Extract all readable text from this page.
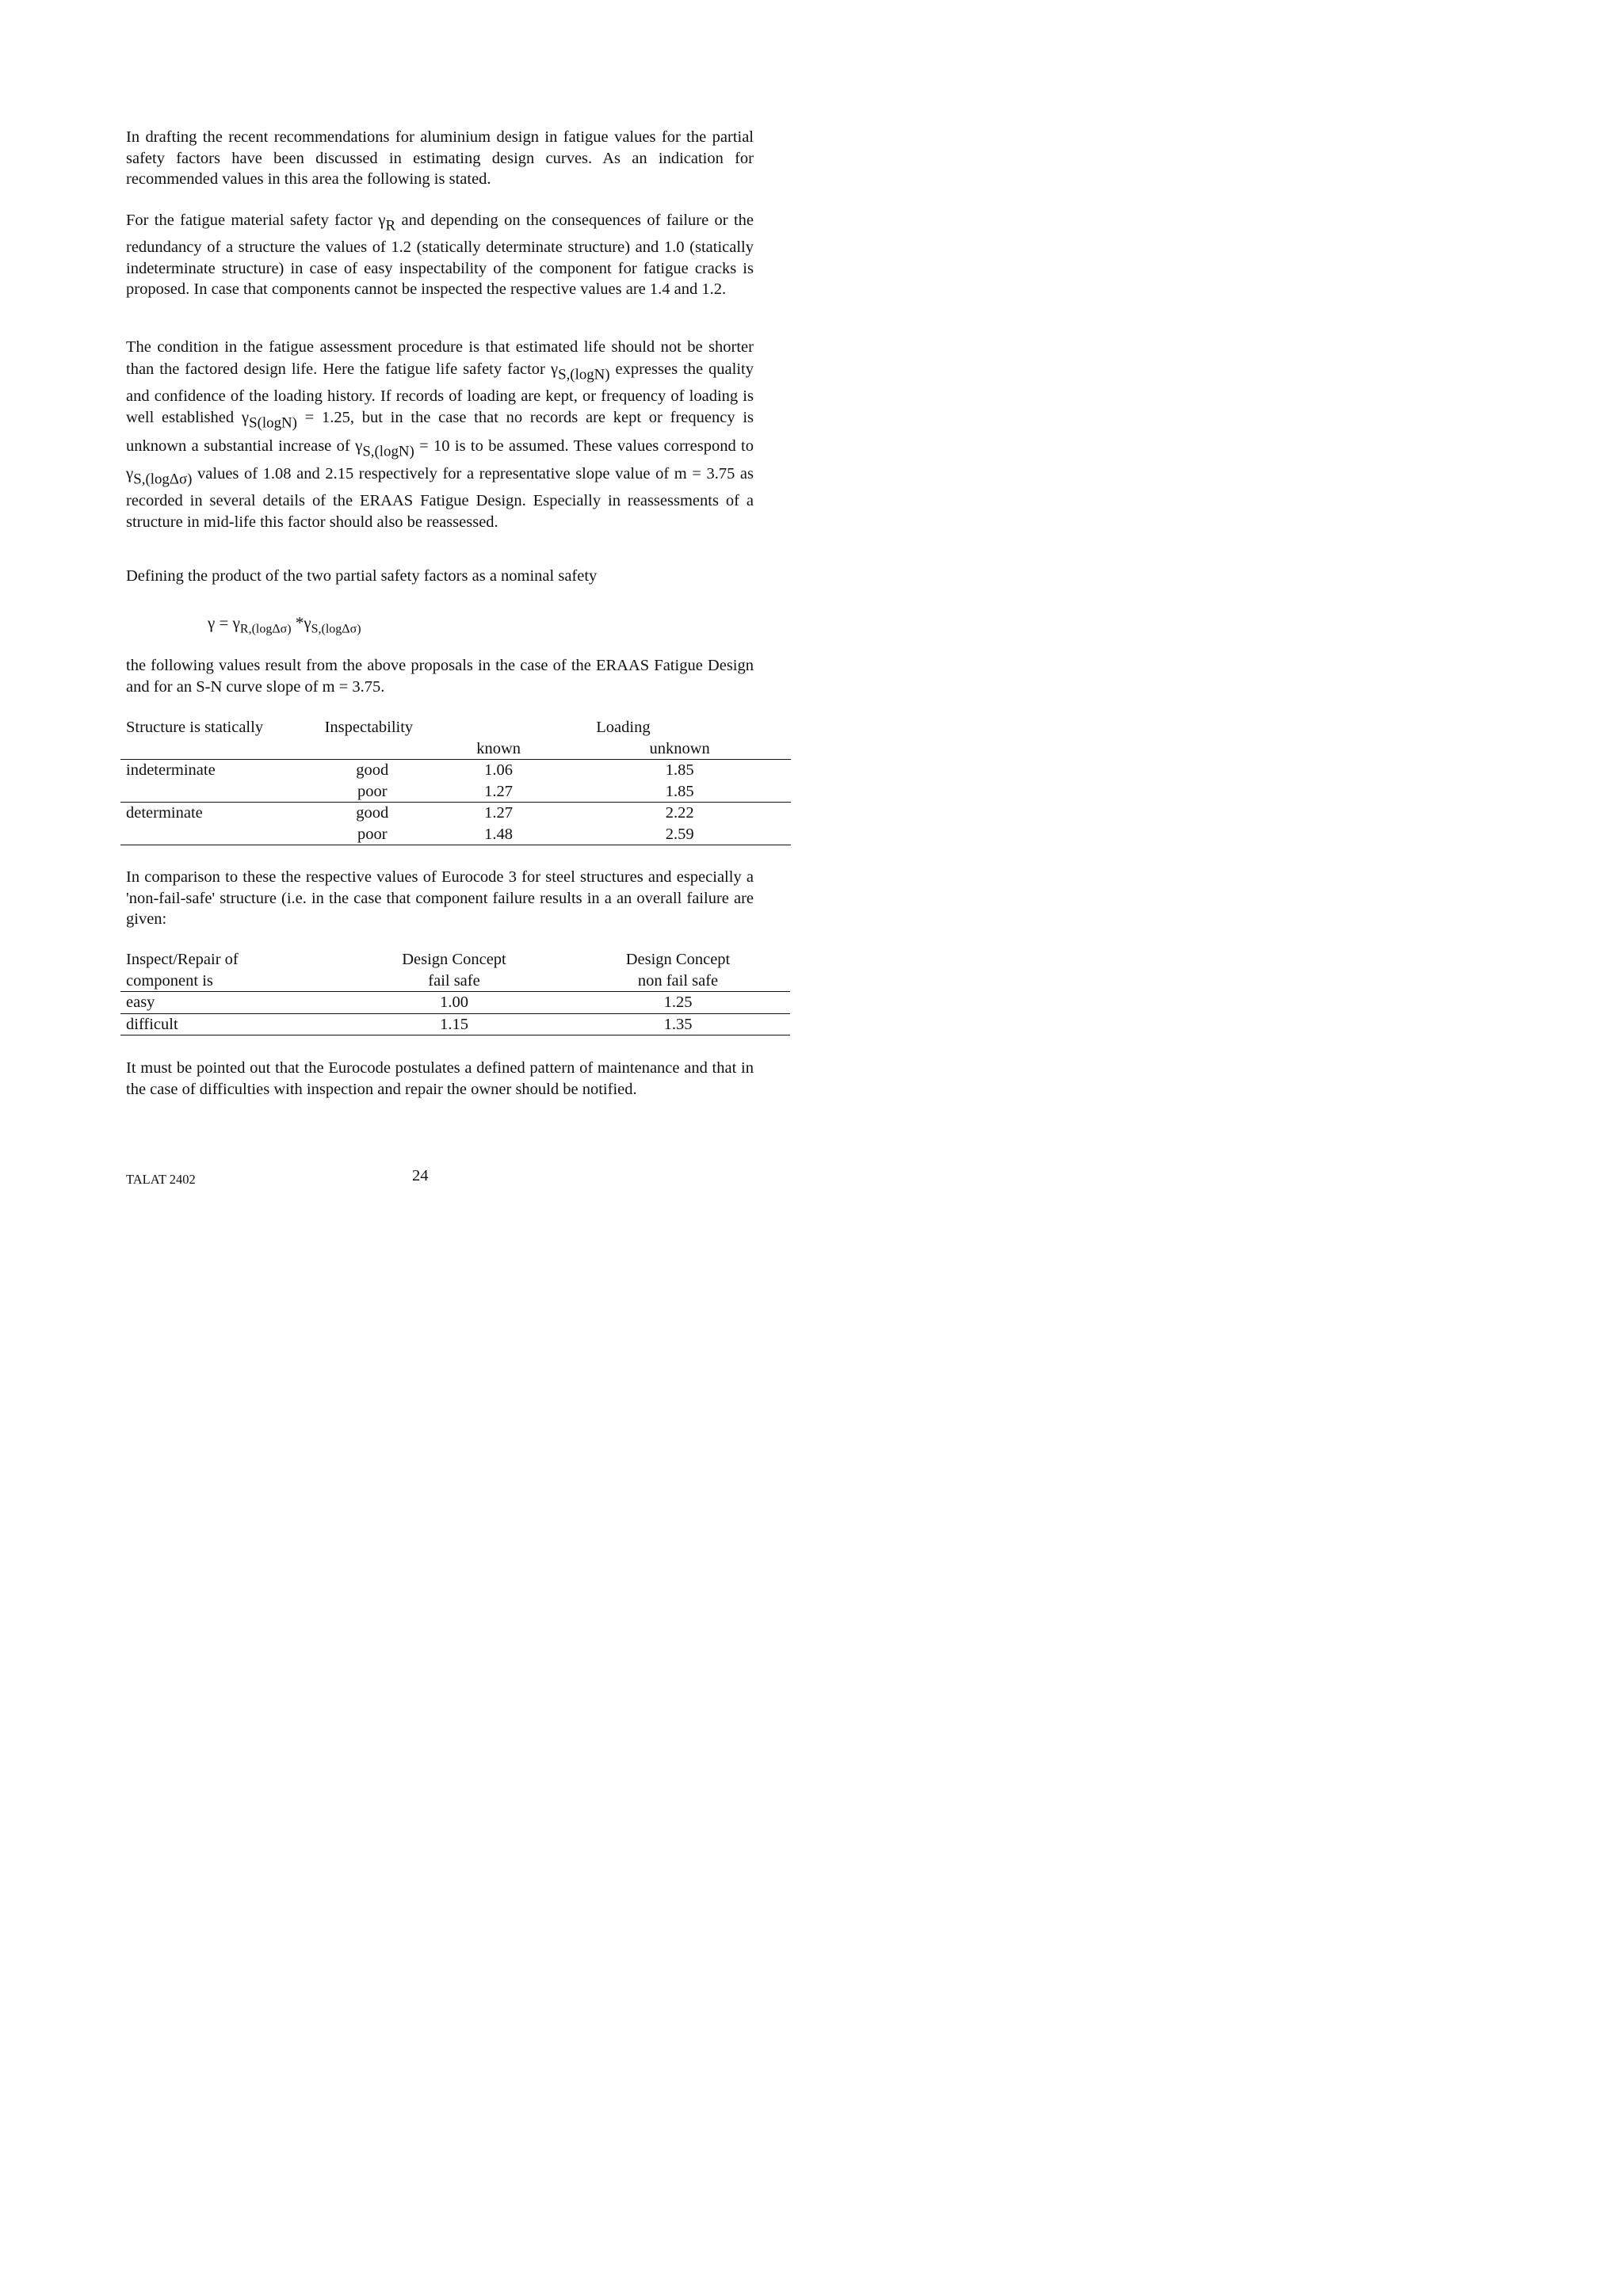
In drafting the recent recommendations for aluminium design in fatigue values for the partial safety factors have been discussed in estimating design curves. As an indication for recommended values in this area the following is stated.

For the fatigue material safety factor γR and depending on the consequences of failure or the redundancy of a structure the values of 1.2 (statically determinate structure) and 1.0 (statically indeterminate structure) in case of easy inspectability of the component for fatigue cracks is proposed. In case that components cannot be inspected the respective values are 1.4 and 1.2.

The condition in the fatigue assessment procedure is that estimated life should not be shorter than the factored design life. Here the fatigue life safety factor γS,(logN) expresses the quality and confidence of the loading history. If records of loading are kept, or frequency of loading is well established γS(logN) = 1.25, but in the case that no records are kept or frequency is unknown a substantial increase of γS,(logN) = 10 is to be assumed. These values correspond to γS,(logΔσ) values of 1.08 and 2.15 respectively for a representative slope value of m = 3.75 as recorded in several details of the ERAAS Fatigue Design. Especially in reassessments of a structure in mid-life this factor should also be reassessed.

Defining the product of the two partial safety factors as a nominal safety

$\gamma = \gamma_{R,(log\Delta\sigma)}$ $*\gamma_{S,(log\Delta\sigma)}$

the following values result from the above proposals in the case of the ERAAS Fatigue Design and for an S-N curve slope of m = 3.75.

Structure is statically	Inspectability	Loading	
		known	unknown
indeterminate	good	1.06	1.85
	poor	1.27	1.85
determinate	good	1.27	2.22
	poor	1.48	2.59

In comparison to these the respective values of Eurocode 3 for steel structures and especially a 'non-fail-safe' structure (i.e. in the case that component failure results in a an overall failure are given:

Inspect/Repair of	Design Concept	Design Concept
component is	fail safe	non fail safe
easy	1.00	1.25
difficult	1.15	1.35

It must be pointed out that the Eurocode postulates a defined pattern of maintenance and that in the case of difficulties with inspection and repair the owner should be notified.

TALAT 2402	24
